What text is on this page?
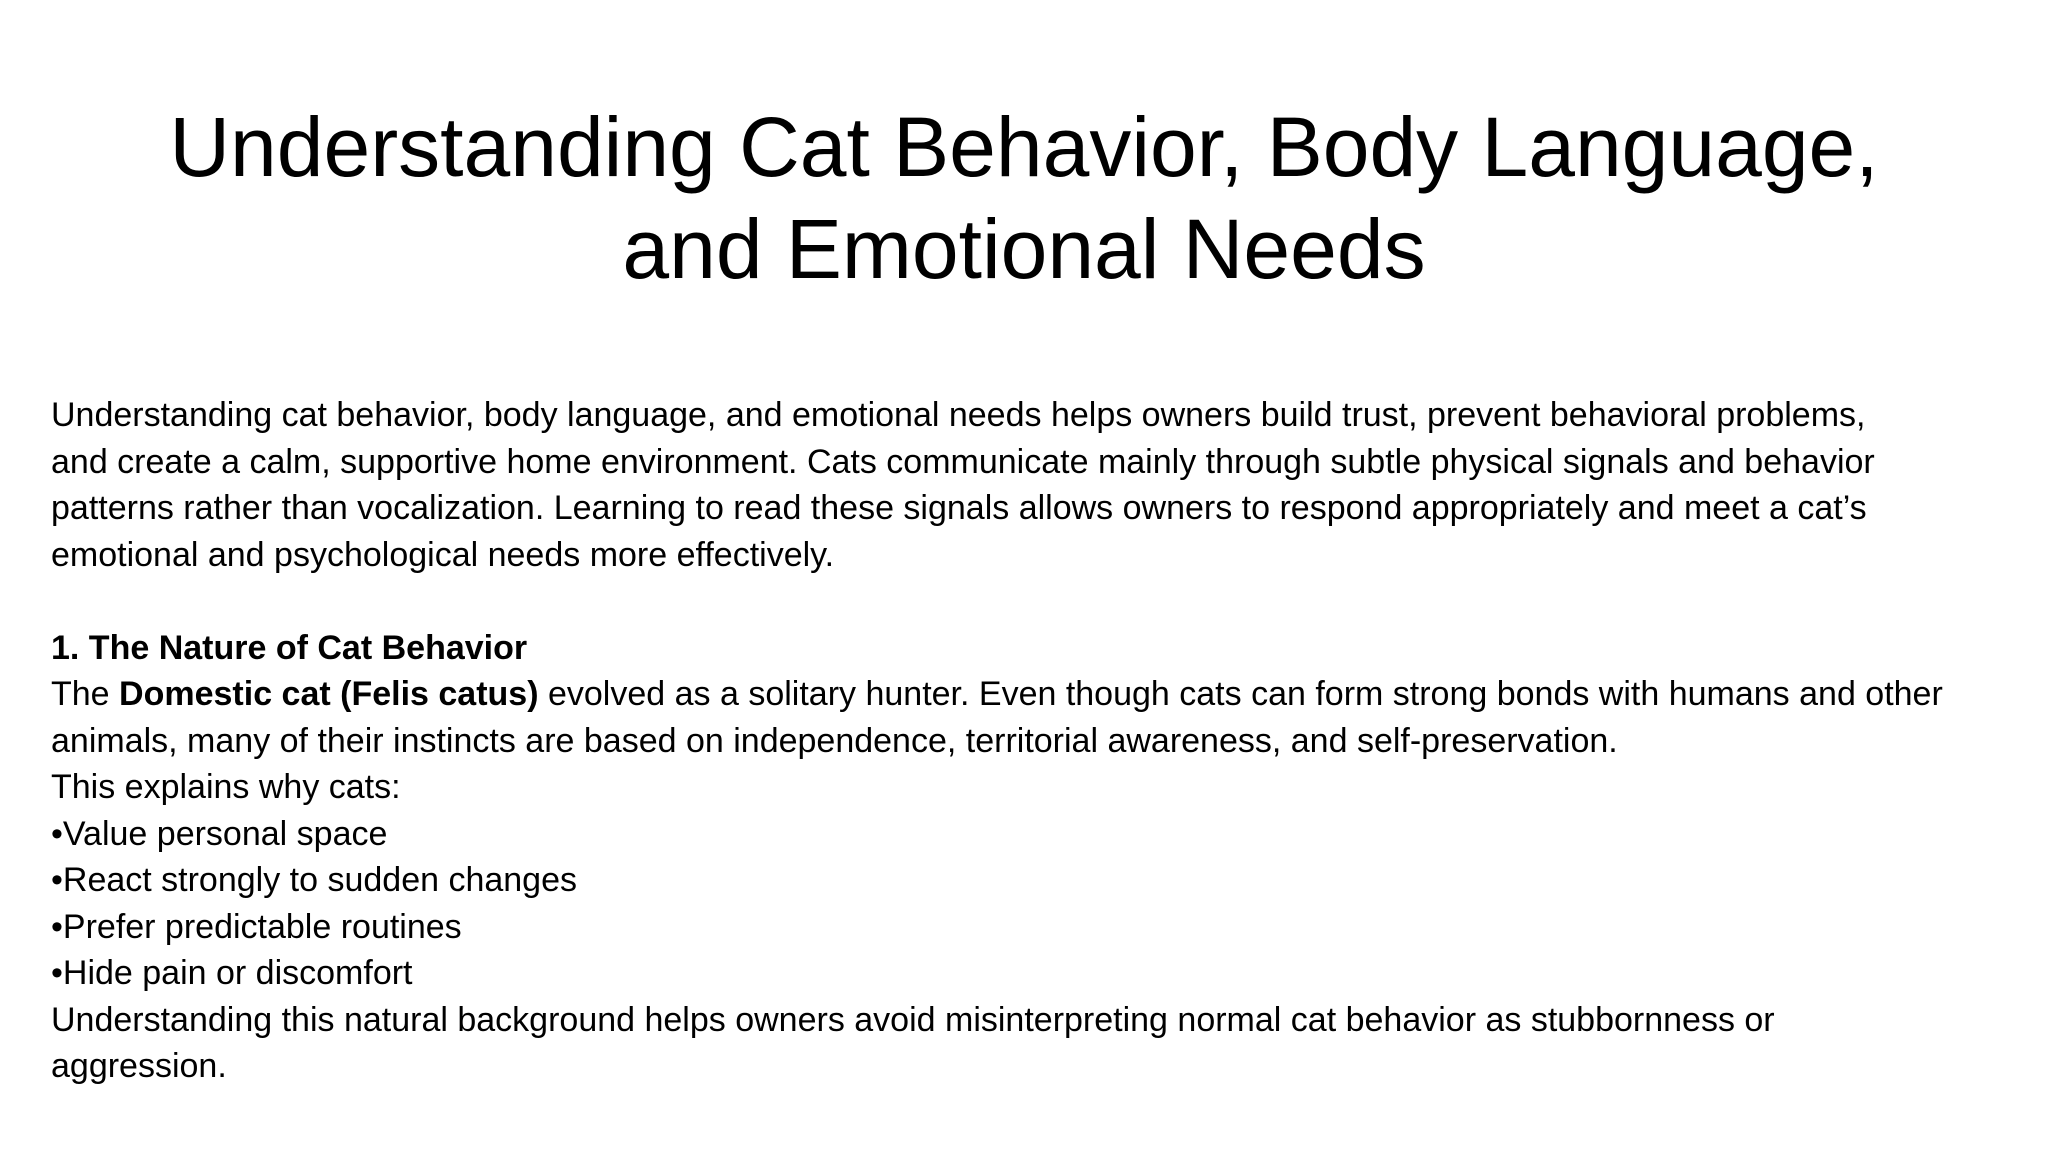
Understanding Cat Behavior, Body Language,
and Emotional Needs

Understanding cat behavior, body language, and emotional needs helps owners build trust, prevent behavioral problems,

and create a calm, supportive home environment. Cats communicate mainly through subtle physical signals and behavior

patterns rather than vocalization. Learning to read these signals allows owners to respond appropriately and meet a cat’s

emotional and psychological needs more effectively.

1. The Nature of Cat Behavior

The Domestic cat (Felis catus) evolved as a solitary hunter. Even though cats can form strong bonds with humans and other

animals, many of their instincts are based on independence, territorial awareness, and self-preservation.

This explains why cats:

•Value personal space

•React strongly to sudden changes

•Prefer predictable routines

•Hide pain or discomfort

Understanding this natural background helps owners avoid misinterpreting normal cat behavior as stubbornness or

aggression.
